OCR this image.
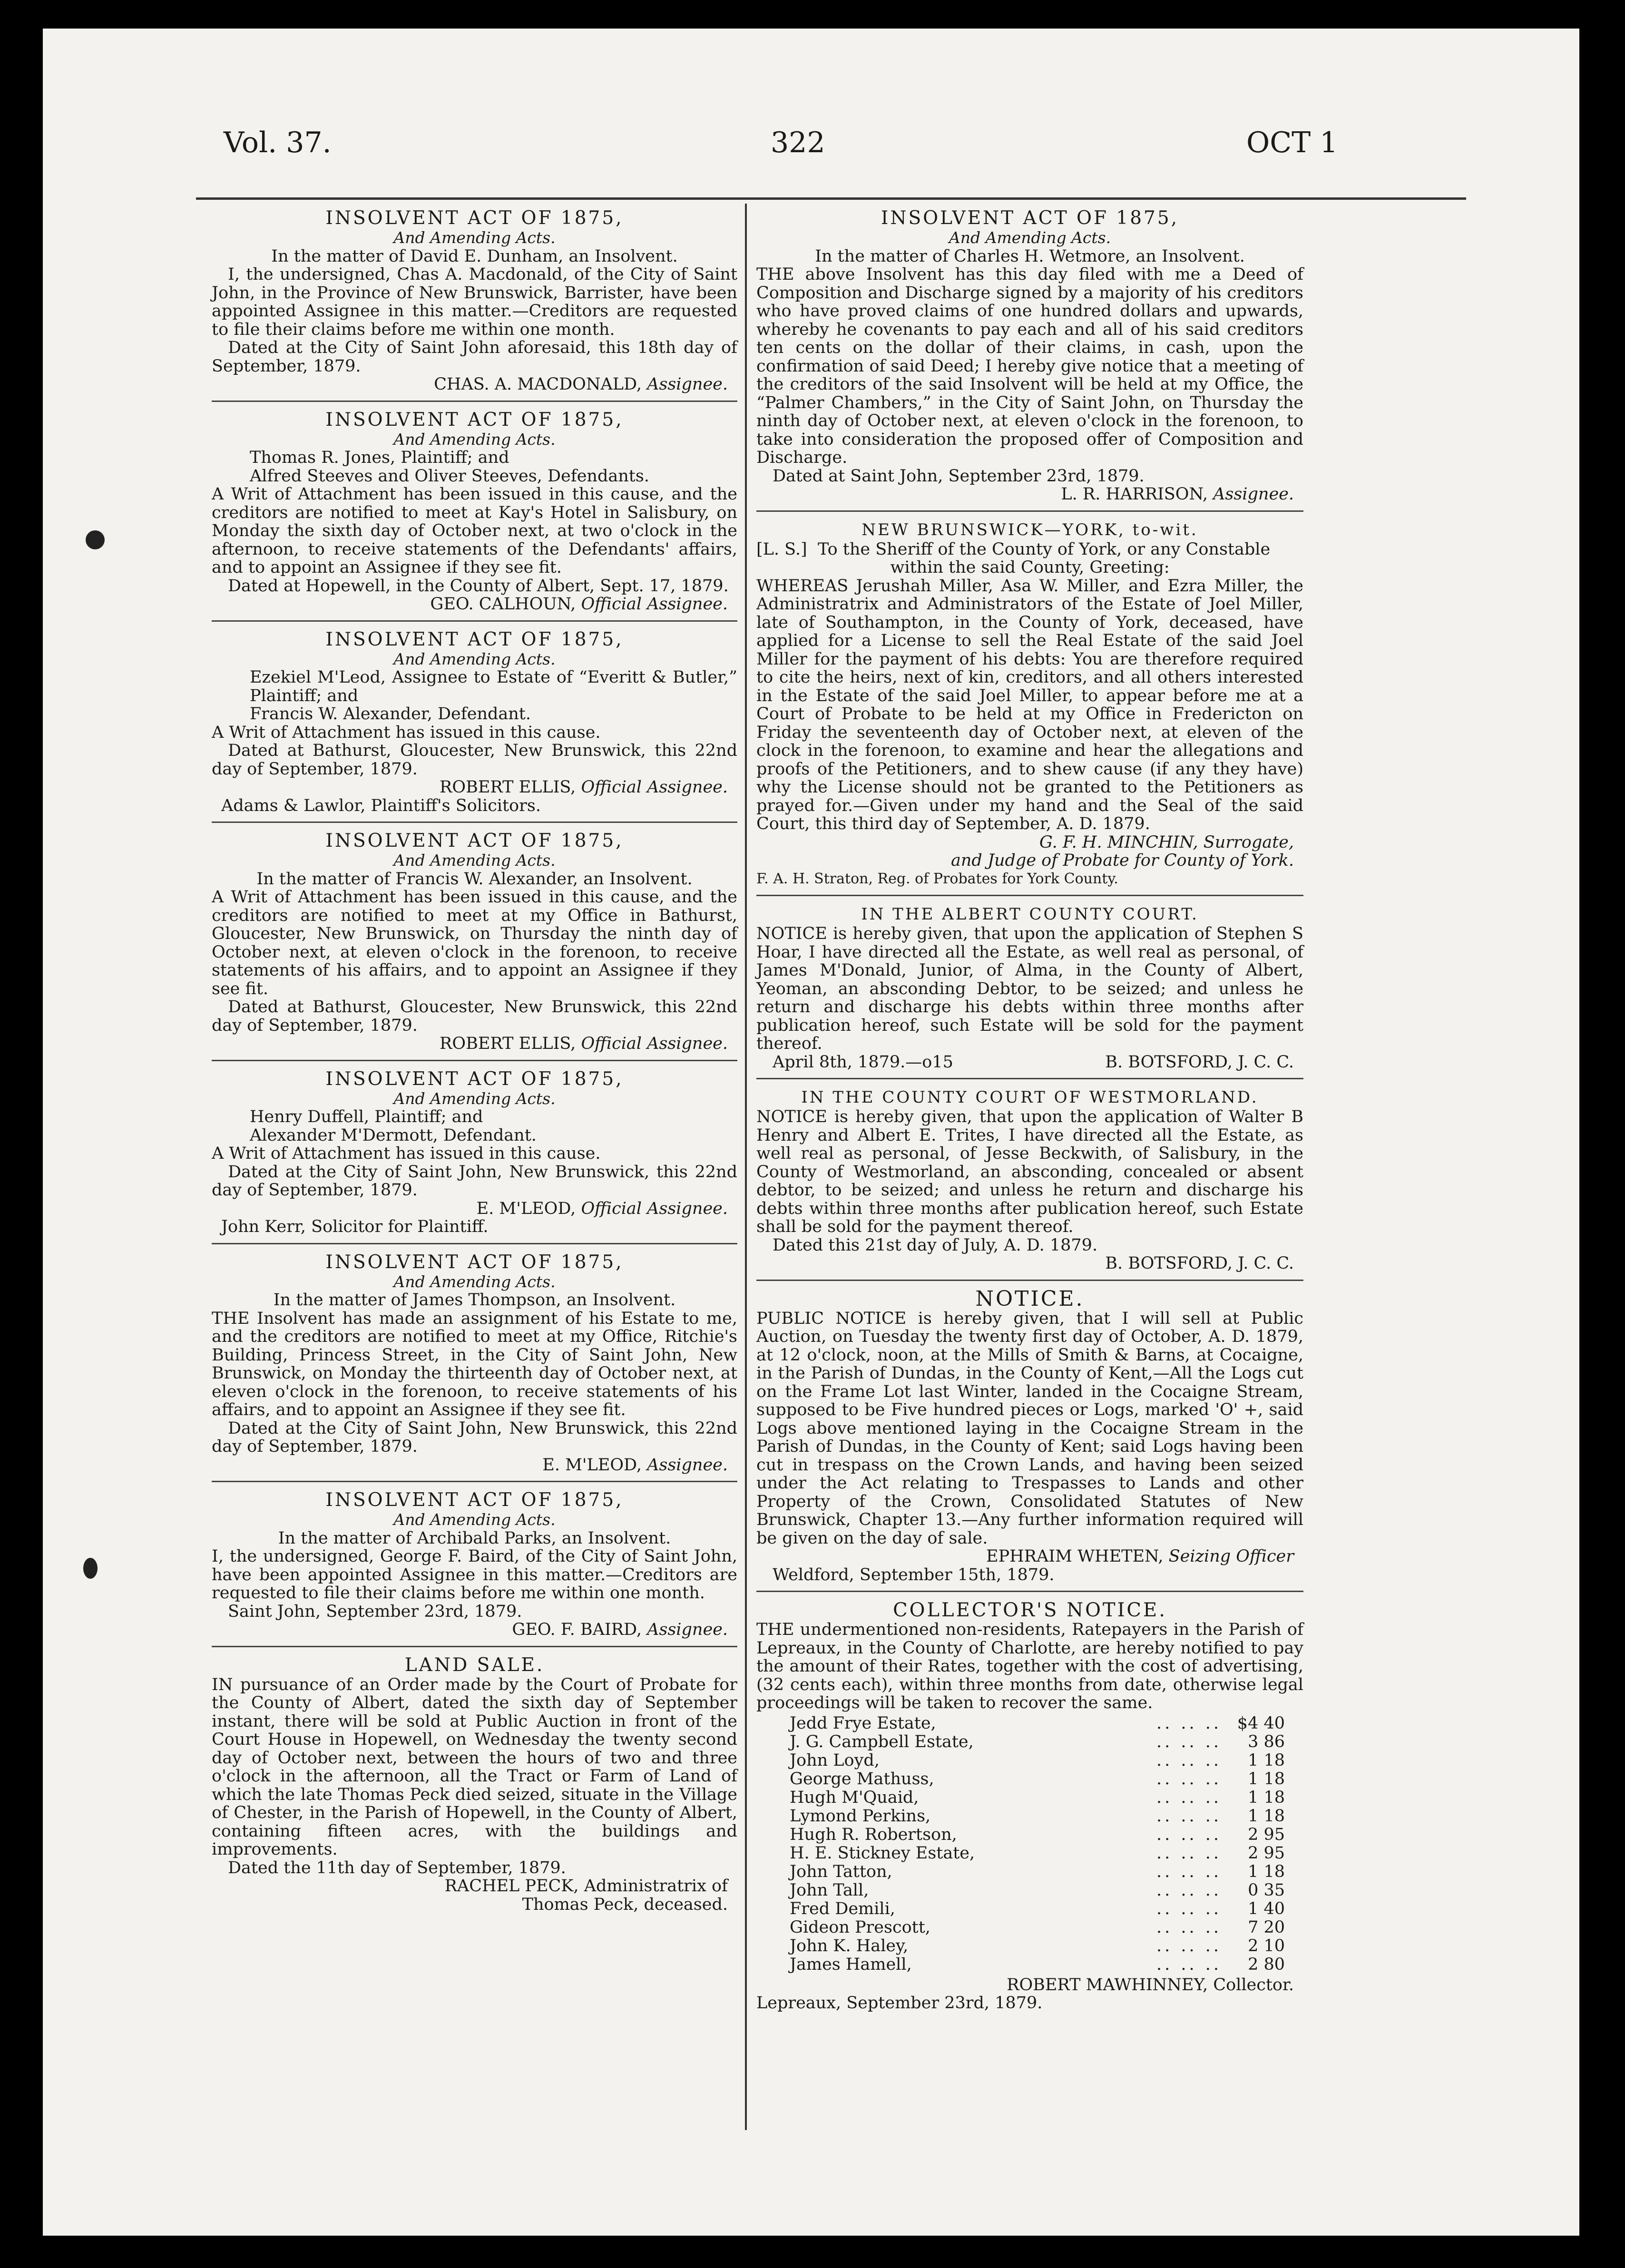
Vol. 37.	322	OCT 1
INSOLVENT ACT OF 1875,
And Amending Acts.
In the matter of David E. Dunham, an Insolvent.

I, the undersigned, Chas A. Macdonald, of the City of Saint John, in the Province of New Brunswick, Barrister, have been appointed Assignee in this matter.—Creditors are requested to file their claims before me within one month.

Dated at the City of Saint John aforesaid, this 18th day of September, 1879.

CHAS. A. MACDONALD, Assignee.

INSOLVENT ACT OF 1875,
And Amending Acts.

Thomas R. Jones, Plaintiff; and

Alfred Steeves and Oliver Steeves, Defendants.

A Writ of Attachment has been issued in this cause, and the creditors are notified to meet at Kay's Hotel in Salisbury, on Monday the sixth day of October next, at two o'clock in the afternoon, to receive statements of the Defendants' affairs, and to appoint an Assignee if they see fit.

Dated at Hopewell, in the County of Albert, Sept. 17, 1879.

GEO. CALHOUN, Official Assignee.

INSOLVENT ACT OF 1875,
And Amending Acts.

Ezekiel M'Leod, Assignee to Estate of “Everitt & Butler,” Plaintiff; and

Francis W. Alexander, Defendant.

A Writ of Attachment has issued in this cause.

Dated at Bathurst, Gloucester, New Brunswick, this 22nd day of September, 1879.

ROBERT ELLIS, Official Assignee.

Adams & Lawlor, Plaintiff's Solicitors.

INSOLVENT ACT OF 1875,
And Amending Acts.
In the matter of Francis W. Alexander, an Insolvent.

A Writ of Attachment has been issued in this cause, and the creditors are notified to meet at my Office in Bathurst, Gloucester, New Brunswick, on Thursday the ninth day of October next, at eleven o'clock in the forenoon, to receive statements of his affairs, and to appoint an Assignee if they see fit.

Dated at Bathurst, Gloucester, New Brunswick, this 22nd day of September, 1879.

ROBERT ELLIS, Official Assignee.

INSOLVENT ACT OF 1875,
And Amending Acts.

Henry Duffell, Plaintiff; and

Alexander M'Dermott, Defendant.

A Writ of Attachment has issued in this cause.

Dated at the City of Saint John, New Brunswick, this 22nd day of September, 1879.

E. M'LEOD, Official Assignee.

John Kerr, Solicitor for Plaintiff.

INSOLVENT ACT OF 1875,
And Amending Acts.
In the matter of James Thompson, an Insolvent.

THE Insolvent has made an assignment of his Estate to me, and the creditors are notified to meet at my Office, Ritchie's Building, Princess Street, in the City of Saint John, New Brunswick, on Monday the thirteenth day of October next, at eleven o'clock in the forenoon, to receive statements of his affairs, and to appoint an Assignee if they see fit.

Dated at the City of Saint John, New Brunswick, this 22nd day of September, 1879.

E. M'LEOD, Assignee.

INSOLVENT ACT OF 1875,
And Amending Acts.
In the matter of Archibald Parks, an Insolvent.

I, the undersigned, George F. Baird, of the City of Saint John, have been appointed Assignee in this matter.—Creditors are requested to file their claims before me within one month.

Saint John, September 23rd, 1879.

GEO. F. BAIRD, Assignee.

LAND SALE.

IN pursuance of an Order made by the Court of Probate for the County of Albert, dated the sixth day of September instant, there will be sold at Public Auction in front of the Court House in Hopewell, on Wednesday the twenty second day of October next, between the hours of two and three o'clock in the afternoon, all the Tract or Farm of Land of which the late Thomas Peck died seized, situate in the Village of Chester, in the Parish of Hopewell, in the County of Albert, containing fifteen acres, with the buildings and improvements.

Dated the 11th day of September, 1879.

RACHEL PECK, Administratrix of

Thomas Peck, deceased.

INSOLVENT ACT OF 1875,
And Amending Acts.
In the matter of Charles H. Wetmore, an Insolvent.

THE above Insolvent has this day filed with me a Deed of Composition and Discharge signed by a majority of his creditors who have proved claims of one hundred dollars and upwards, whereby he covenants to pay each and all of his said creditors ten cents on the dollar of their claims, in cash, upon the confirmation of said Deed; I hereby give notice that a meeting of the creditors of the said Insolvent will be held at my Office, the “Palmer Chambers,” in the City of Saint John, on Thursday the ninth day of October next, at eleven o'clock in the forenoon, to take into consideration the proposed offer of Composition and Discharge.

Dated at Saint John, September 23rd, 1879.

L. R. HARRISON, Assignee.

NEW BRUNSWICK—YORK, to-wit.

[L. S.] To the Sheriff of the County of York, or any Constable

within the said County, Greeting:

WHEREAS Jerushah Miller, Asa W. Miller, and Ezra Miller, the Administratrix and Administrators of the Estate of Joel Miller, late of Southampton, in the County of York, deceased, have applied for a License to sell the Real Estate of the said Joel Miller for the payment of his debts: You are therefore required to cite the heirs, next of kin, creditors, and all others interested in the Estate of the said Joel Miller, to appear before me at a Court of Probate to be held at my Office in Fredericton on Friday the seventeenth day of October next, at eleven of the clock in the forenoon, to examine and hear the allegations and proofs of the Petitioners, and to shew cause (if any they have) why the License should not be granted to the Petitioners as prayed for.—Given under my hand and the Seal of the said Court, this third day of September, A. D. 1879.

G. F. H. MINCHIN, Surrogate,

and Judge of Probate for County of York.

F. A. H. Straton, Reg. of Probates for York County.

IN THE ALBERT COUNTY COURT.

NOTICE is hereby given, that upon the application of Stephen S Hoar, I have directed all the Estate, as well real as personal, of James M'Donald, Junior, of Alma, in the County of Albert, Yeoman, an absconding Debtor, to be seized; and unless he return and discharge his debts within three months after publication hereof, such Estate will be sold for the payment thereof.

April 8th, 1879.—o15	B. BOTSFORD, J. C. C.

IN THE COUNTY COURT OF WESTMORLAND.

NOTICE is hereby given, that upon the application of Walter B Henry and Albert E. Trites, I have directed all the Estate, as well real as personal, of Jesse Beckwith, of Salisbury, in the County of Westmorland, an absconding, concealed or absent debtor, to be seized; and unless he return and discharge his debts within three months after publication hereof, such Estate shall be sold for the payment thereof.

Dated this 21st day of July, A. D. 1879.

B. BOTSFORD, J. C. C.

NOTICE.

PUBLIC NOTICE is hereby given, that I will sell at Public Auction, on Tuesday the twenty first day of October, A. D. 1879, at 12 o'clock, noon, at the Mills of Smith & Barns, at Cocaigne, in the Parish of Dundas, in the County of Kent,—All the Logs cut on the Frame Lot last Winter, landed in the Cocaigne Stream, supposed to be Five hundred pieces or Logs, marked 'O' +, said Logs above mentioned laying in the Cocaigne Stream in the Parish of Dundas, in the County of Kent; said Logs having been cut in trespass on the Crown Lands, and having been seized under the Act relating to Trespasses to Lands and other Property of the Crown, Consolidated Statutes of New Brunswick, Chapter 13.—Any further information required will be given on the day of sale.

EPHRAIM WHETEN, Seizing Officer

Weldford, September 15th, 1879.

COLLECTOR'S NOTICE.

THE undermentioned non-residents, Ratepayers in the Parish of Lepreaux, in the County of Charlotte, are hereby notified to pay the amount of their Rates, together with the cost of advertising, (32 cents each), within three months from date, otherwise legal proceedings will be taken to recover the same.

Jedd Frye Estate,	.. .. ..	$4 40
J. G. Campbell Estate,	.. .. ..	3 86
John Loyd,	.. .. ..	1 18
George Mathuss,	.. .. ..	1 18
Hugh M'Quaid,	.. .. ..	1 18
Lymond Perkins,	.. .. ..	1 18
Hugh R. Robertson,	.. .. ..	2 95
H. E. Stickney Estate,	.. .. ..	2 95
John Tatton,	.. .. ..	1 18
John Tall,	.. .. ..	0 35
Fred Demili,	.. .. ..	1 40
Gideon Prescott,	.. .. ..	7 20
John K. Haley,	.. .. ..	2 10
James Hamell,	.. .. ..	2 80

ROBERT MAWHINNEY, Collector.

Lepreaux, September 23rd, 1879.
